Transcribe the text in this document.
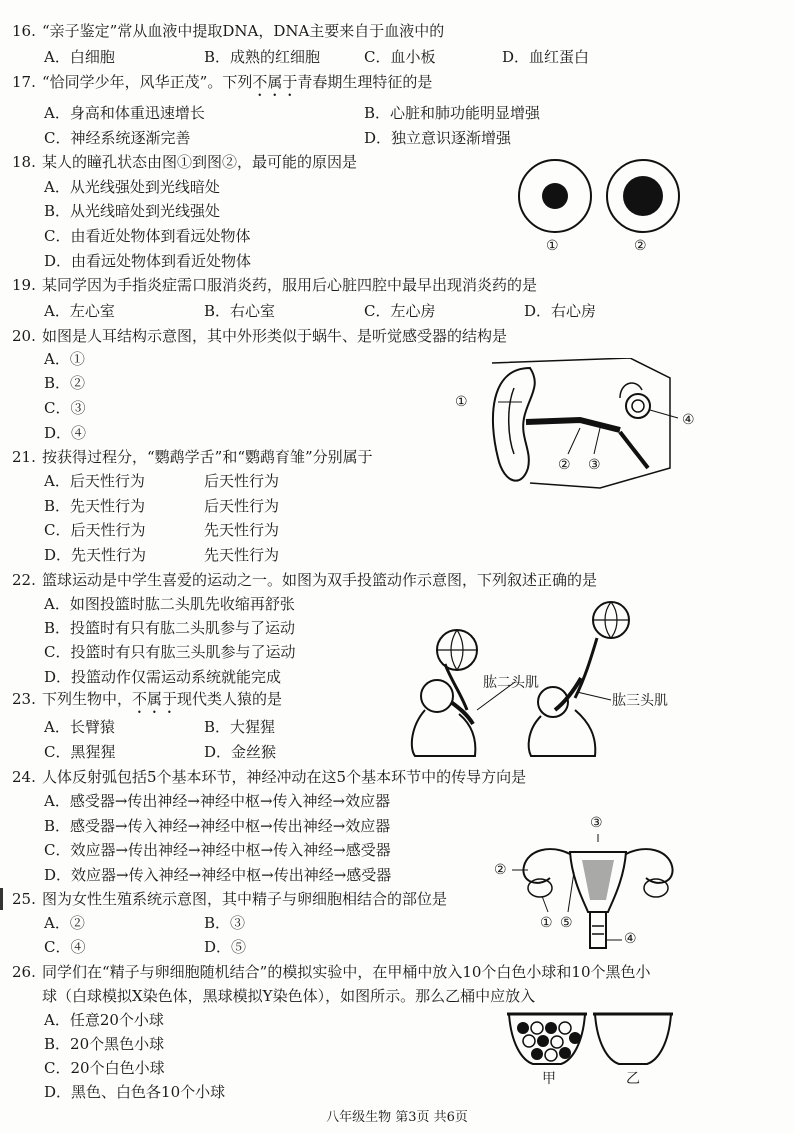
16. “亲子鉴定”常从血液中提取DNA，DNA主要来自于血液中的
A．白细胞	B．成熟的红细胞	C．血小板	D．血红蛋白
17. “恰同学少年，风华正茂”。下列不属于青春期生理特征的是
A．身高和体重迅速增长	B．心脏和肺功能明显增强
C．神经系统逐渐完善	D．独立意识逐渐增强
18. 某人的瞳孔状态由图①到图②，最可能的原因是
A．从光线强处到光线暗处
B．从光线暗处到光线强处
C．由看近处物体到看远处物体
D．由看远处物体到看近处物体
①	②
19. 某同学因为手指炎症需口服消炎药，服用后心脏四腔中最早出现消炎药的是
A．左心室	B．右心室	C．左心房	D．右心房
20. 如图是人耳结构示意图，其中外形类似于蜗牛、是听觉感受器的结构是
A．①
B．②
C．③
D．④
①
② ③
④
21. 按获得过程分，“鹦鹉学舌”和“鹦鹉育雏”分别属于
A．后天性行为	后天性行为
B．先天性行为	后天性行为
C．后天性行为	先天性行为
D．先天性行为	先天性行为
22. 篮球运动是中学生喜爱的运动之一。如图为双手投篮动作示意图，下列叙述正确的是
A．如图投篮时肱二头肌先收缩再舒张
B．投篮时有只有肱二头肌参与了运动
C．投篮时有只有肱三头肌参与了运动
D．投篮动作仅需运动系统就能完成	肱二头肌
肱三头肌
23. 下列生物中，不属于现代类人猿的是
A．长臂猿	B．大猩猩
C．黑猩猩	D．金丝猴
24. 人体反射弧包括5个基本环节，神经冲动在这5个基本环节中的传导方向是
A．感受器→传出神经→神经中枢→传入神经→效应器
B．感受器→传入神经→神经中枢→传出神经→效应器
C．效应器→传出神经→神经中枢→传入神经→感受器
D．效应器→传入神经→神经中枢→传出神经→感受器
③
②
① ⑤
④
25. 图为女性生殖系统示意图，其中精子与卵细胞相结合的部位是
A．②	B．③
C．④	D．⑤
26. 同学们在“精子与卵细胞随机结合”的模拟实验中，在甲桶中放入10个白色小球和10个黑色小
球（白球模拟X染色体，黑球模拟Y染色体），如图所示。那么乙桶中应放入
A．任意20个小球
B．20个黑色小球
C．20个白色小球
D．黑色、白色各10个小球
甲	乙
八年级生物 第3页 共6页
